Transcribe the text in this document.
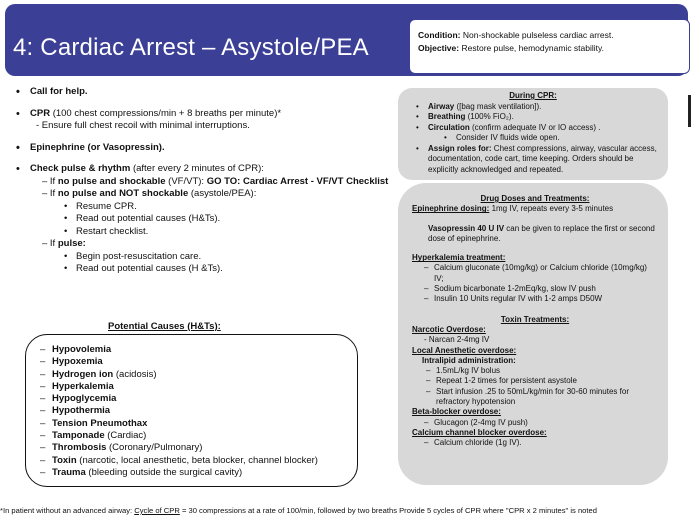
4: Cardiac Arrest – Asystole/PEA	Condition: Non-shockable pulseless cardiac arrest.
Objective: Restore pulse, hemodynamic stability.
• Call for help.
• CPR (100 chest compressions/min + 8 breaths per minute)*
- Ensure full chest recoil with minimal interruptions.
• Epinephrine (or Vasopressin).
• Check pulse & rhythm (after every 2 minutes of CPR):
– If no pulse and shockable (VF/VT): GO TO: Cardiac Arrest - VF/VT Checklist
– If no pulse and NOT shockable (asystole/PEA):
• Resume CPR.
• Read out potential causes (H&Ts).
• Restart checklist.
– If pulse:
• Begin post-resuscitation care.
• Read out potential causes (H &Ts).
Potential Causes (H&Ts):
– Hypovolemia
– Hypoxemia
– Hydrogen ion (acidosis)
– Hyperkalemia
– Hypoglycemia
– Hypothermia
– Tension Pneumothax
– Tamponade (Cardiac)
– Thrombosis (Coronary/Pulmonary)
– Toxin (narcotic, local anesthetic, beta blocker, channel blocker)
– Trauma (bleeding outside the surgical cavity)
During CPR:
• Airway ([bag mask ventilation]).
• Breathing (100% FiO₂).
• Circulation (confirm adequate IV or IO access) .
• Consider IV fluids wide open.
• Assign roles for: Chest compressions, airway, vascular access, documentation, code cart, time keeping. Orders should be explicitly acknowledged and repeated.
Drug Doses and Treatments:
Epinephrine dosing: 1mg IV, repeats every 3-5 minutes
Vasopressin 40 U IV can be given to replace the first or second dose of epinephrine.
Hyperkalemia treatment:
– Calcium gluconate (10mg/kg) or Calcium chloride (10mg/kg) IV;
– Sodium bicarbonate 1-2mEq/kg, slow IV push
– Insulin 10 Units regular IV with 1-2 amps D50W
Toxin Treatments:
Narcotic Overdose:
- Narcan 2-4mg IV
Local Anesthetic overdose:
Intralipid administration:
– 1.5mL/kg IV bolus
– Repeat 1-2 times for persistent asystole
– Start infusion .25 to 50mL/kg/min for 30-60 minutes for refractory hypotension
Beta-blocker overdose:
– Glucagon (2-4mg IV push)
Calcium channel blocker overdose:
– Calcium chloride (1g IV).
*In patient without an advanced airway: Cycle of CPR = 30 compressions at a rate of 100/min, followed by two breaths Provide 5 cycles of CPR where "CPR x 2 minutes" is noted
